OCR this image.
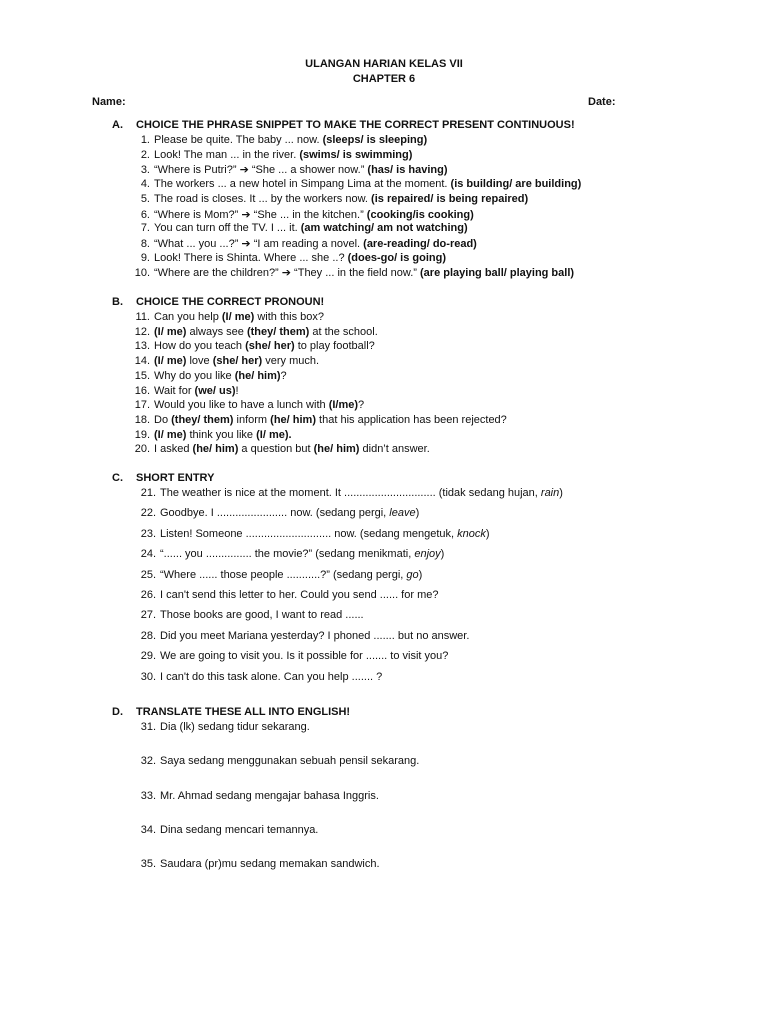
ULANGAN HARIAN KELAS VII
CHAPTER 6
Name:	Date:
A. CHOICE THE PHRASE SNIPPET TO MAKE THE CORRECT PRESENT CONTINUOUS!
1. Please be quite. The baby ... now. (sleeps/ is sleeping)
2. Look! The man ... in the river. (swims/ is swimming)
3. “Where is Putri?” ➔ “She ... a shower now.” (has/ is having)
4. The workers ... a new hotel in Simpang Lima at the moment. (is building/ are building)
5. The road is closes. It ... by the workers now. (is repaired/ is being repaired)
6. “Where is Mom?” ➔ “She ... in the kitchen.” (cooking/is cooking)
7. You can turn off the TV. I ... it. (am watching/ am not watching)
8. “What ... you ...?” ➔ “I am reading a novel. (are-reading/ do-read)
9. Look! There is Shinta. Where ... she ..? (does-go/ is going)
10. “Where are the children?” ➔ “They ... in the field now.” (are playing ball/ playing ball)
B. CHOICE THE CORRECT PRONOUN!
11. Can you help (I/ me) with this box?
12. (I/ me) always see (they/ them) at the school.
13. How do you teach (she/ her) to play football?
14. (I/ me) love (she/ her) very much.
15. Why do you like (he/ him)?
16. Wait for (we/ us)!
17. Would you like to have a lunch with (I/me)?
18. Do (they/ them) inform (he/ him) that his application has been rejected?
19. (I/ me) think you like (I/ me).
20. I asked (he/ him) a question but (he/ him) didn’t answer.
C. SHORT ENTRY
21. The weather is nice at the moment. It .............................. (tidak sedang hujan, rain)
22. Goodbye. I ....................... now. (sedang pergi, leave)
23. Listen! Someone ............................ now. (sedang mengetuk, knock)
24. “...... you ............... the movie?” (sedang menikmati, enjoy)
25. “Where ...... those people ...........?” (sedang pergi, go)
26. I can't send this letter to her. Could you send ...... for me?
27. Those books are good, I want to read ......
28. Did you meet Mariana yesterday? I phoned ....... but no answer.
29. We are going to visit you. Is it possible for ....... to visit you?
30. I can't do this task alone. Can you help ....... ?
D. TRANSLATE THESE ALL INTO ENGLISH!
31. Dia (lk) sedang tidur sekarang.
32. Saya sedang menggunakan sebuah pensil sekarang.
33. Mr. Ahmad sedang mengajar bahasa Inggris.
34. Dina sedang mencari temannya.
35. Saudara (pr)mu sedang memakan sandwich.
